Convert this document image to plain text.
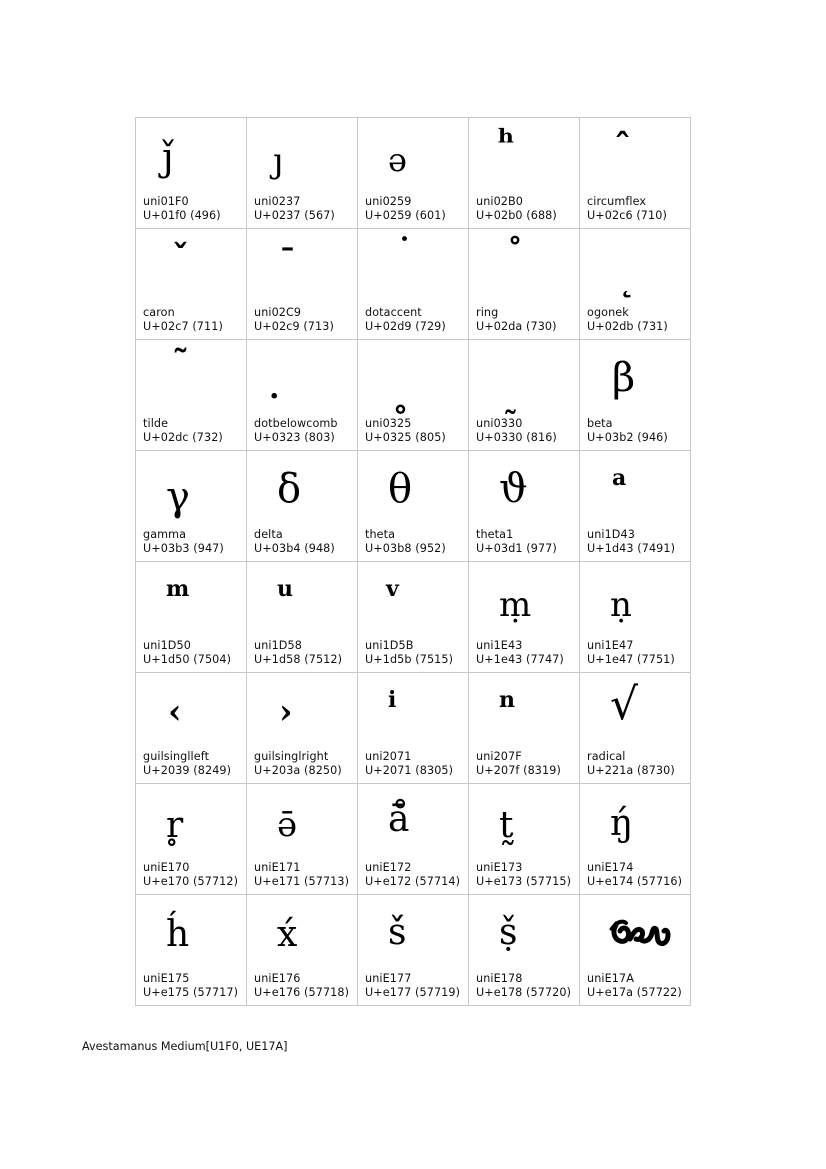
ǰ
uni01F0
U+01f0 (496)
ȷ
uni0237
U+0237 (567)
ə
uni0259
U+0259 (601)
ʰ
uni02B0
U+02b0 (688)
ˆ
circumflex
U+02c6 (710)
ˇ
caron
U+02c7 (711)
ˉ
uni02C9
U+02c9 (713)
˙
dotaccent
U+02d9 (729)
˚
ring
U+02da (730)
˛
ogonek
U+02db (731)
˜
tilde
U+02dc (732)
.
dotbelowcomb
U+0323 (803)
˳
uni0325
U+0325 (805)
˷
uni0330
U+0330 (816)
β
beta
U+03b2 (946)
γ
gamma
U+03b3 (947)
δ
delta
U+03b4 (948)
θ
theta
U+03b8 (952)
ϑ
theta1
U+03d1 (977)
a
uni1D43
U+1d43 (7491)
m
uni1D50
U+1d50 (7504)
u
uni1D58
U+1d58 (7512)
v
uni1D5B
U+1d5b (7515)
ṃ
uni1E43
U+1e43 (7747)
ṇ
uni1E47
U+1e47 (7751)
‹
guilsinglleft
U+2039 (8249)
›
guilsinglright
U+203a (8250)
i
uni2071
U+2071 (8305)
n
uni207F
U+207f (8319)
√
radical
U+221a (8730)
r̥
uniE170
U+e170 (57712)
ə̄
uniE171
U+e171 (57713)
ā̊
uniE172
U+e172 (57714)
t̰
uniE173
U+e173 (57715)
ŋ́
uniE174
U+e174 (57716)
h́
uniE175
U+e175 (57717)
x́
uniE176
U+e176 (57718)
š́
uniE177
U+e177 (57719)
ṣ̌
uniE178
U+e178 (57720)
uniE17A
U+e17a (57722)
Avestamanus Medium[U1F0, UE17A]
